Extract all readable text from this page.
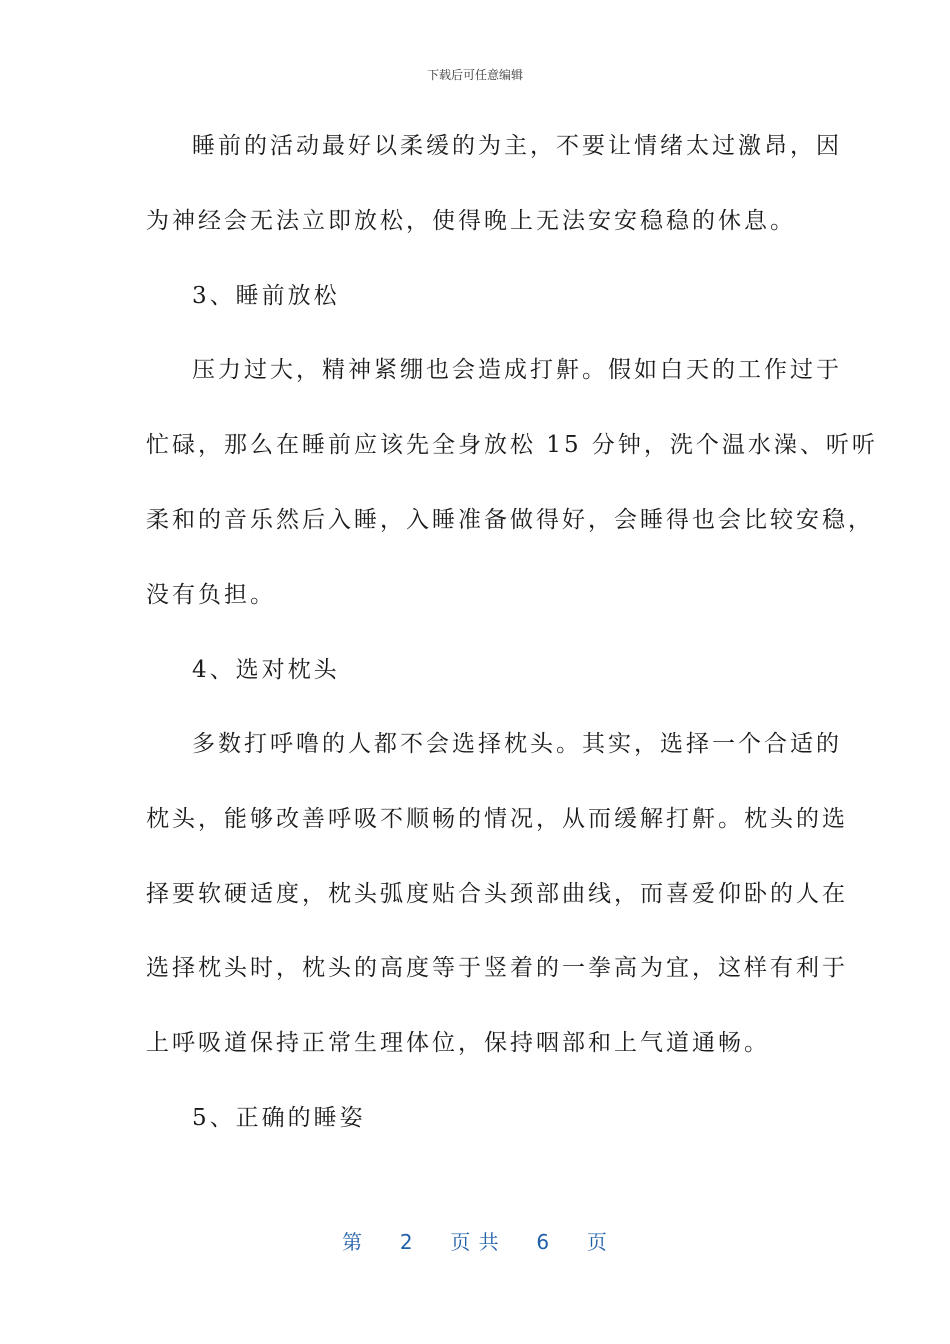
下载后可任意编辑
睡前的活动最好以柔缓的为主，不要让情绪太过激昂，因
为神经会无法立即放松，使得晚上无法安安稳稳的休息。
3、睡前放松
压力过大，精神紧绷也会造成打鼾。假如白天的工作过于
忙碌，那么在睡前应该先全身放松 15 分钟，洗个温水澡、听听
柔和的音乐然后入睡，入睡准备做得好，会睡得也会比较安稳，
没有负担。
4、选对枕头
多数打呼噜的人都不会选择枕头。其实，选择一个合适的
枕头，能够改善呼吸不顺畅的情况，从而缓解打鼾。枕头的选
择要软硬适度，枕头弧度贴合头颈部曲线，而喜爱仰卧的人在
选择枕头时，枕头的高度等于竖着的一拳高为宜，这样有利于
上呼吸道保持正常生理体位，保持咽部和上气道通畅。
5、正确的睡姿
第 2 页 共 6 页
